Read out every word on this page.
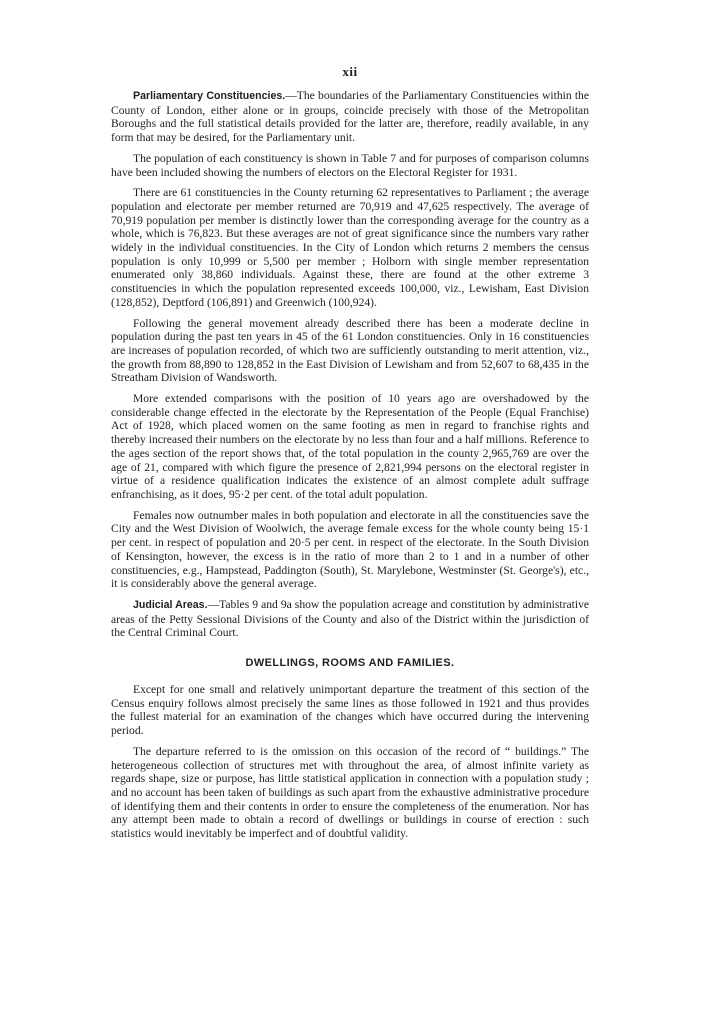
xii

Parliamentary Constituencies.—The boundaries of the Parliamentary Constituencies within the County of London, either alone or in groups, coincide precisely with those of the Metropolitan Boroughs and the full statistical details provided for the latter are, therefore, readily available, in any form that may be desired, for the Parliamentary unit.

The population of each constituency is shown in Table 7 and for purposes of comparison columns have been included showing the numbers of electors on the Electoral Register for 1931.

There are 61 constituencies in the County returning 62 representatives to Parliament ; the average population and electorate per member returned are 70,919 and 47,625 respectively. The average of 70,919 population per member is distinctly lower than the corresponding average for the country as a whole, which is 76,823. But these averages are not of great significance since the numbers vary rather widely in the individual constituencies. In the City of London which returns 2 members the census population is only 10,999 or 5,500 per member ; Holborn with single member representation enumerated only 38,860 individuals. Against these, there are found at the other extreme 3 constituencies in which the population represented exceeds 100,000, viz., Lewisham, East Division (128,852), Deptford (106,891) and Greenwich (100,924).

Following the general movement already described there has been a moderate decline in population during the past ten years in 45 of the 61 London constituencies. Only in 16 constituencies are increases of population recorded, of which two are sufficiently outstanding to merit attention, viz., the growth from 88,890 to 128,852 in the East Division of Lewisham and from 52,607 to 68,435 in the Streatham Division of Wandsworth.

More extended comparisons with the position of 10 years ago are overshadowed by the considerable change effected in the electorate by the Representation of the People (Equal Franchise) Act of 1928, which placed women on the same footing as men in regard to franchise rights and thereby increased their numbers on the electorate by no less than four and a half millions. Reference to the ages section of the report shows that, of the total population in the county 2,965,769 are over the age of 21, compared with which figure the presence of 2,821,994 persons on the electoral register in virtue of a residence qualification indicates the existence of an almost complete adult suffrage enfranchising, as it does, 95·2 per cent. of the total adult population.

Females now outnumber males in both population and electorate in all the constituencies save the City and the West Division of Woolwich, the average female excess for the whole county being 15·1 per cent. in respect of population and 20·5 per cent. in respect of the electorate. In the South Division of Kensington, however, the excess is in the ratio of more than 2 to 1 and in a number of other constituencies, e.g., Hampstead, Paddington (South), St. Marylebone, Westminster (St. George's), etc., it is considerably above the general average.

Judicial Areas.—Tables 9 and 9a show the population acreage and constitution by administrative areas of the Petty Sessional Divisions of the County and also of the District within the jurisdiction of the Central Criminal Court.

DWELLINGS, ROOMS AND FAMILIES.

Except for one small and relatively unimportant departure the treatment of this section of the Census enquiry follows almost precisely the same lines as those followed in 1921 and thus provides the fullest material for an examination of the changes which have occurred during the intervening period.

The departure referred to is the omission on this occasion of the record of “ buildings.” The heterogeneous collection of structures met with throughout the area, of almost infinite variety as regards shape, size or purpose, has little statistical application in connection with a population study ; and no account has been taken of buildings as such apart from the exhaustive administrative procedure of identifying them and their contents in order to ensure the completeness of the enumeration. Nor has any attempt been made to obtain a record of dwellings or buildings in course of erection : such statistics would inevitably be imperfect and of doubtful validity.
